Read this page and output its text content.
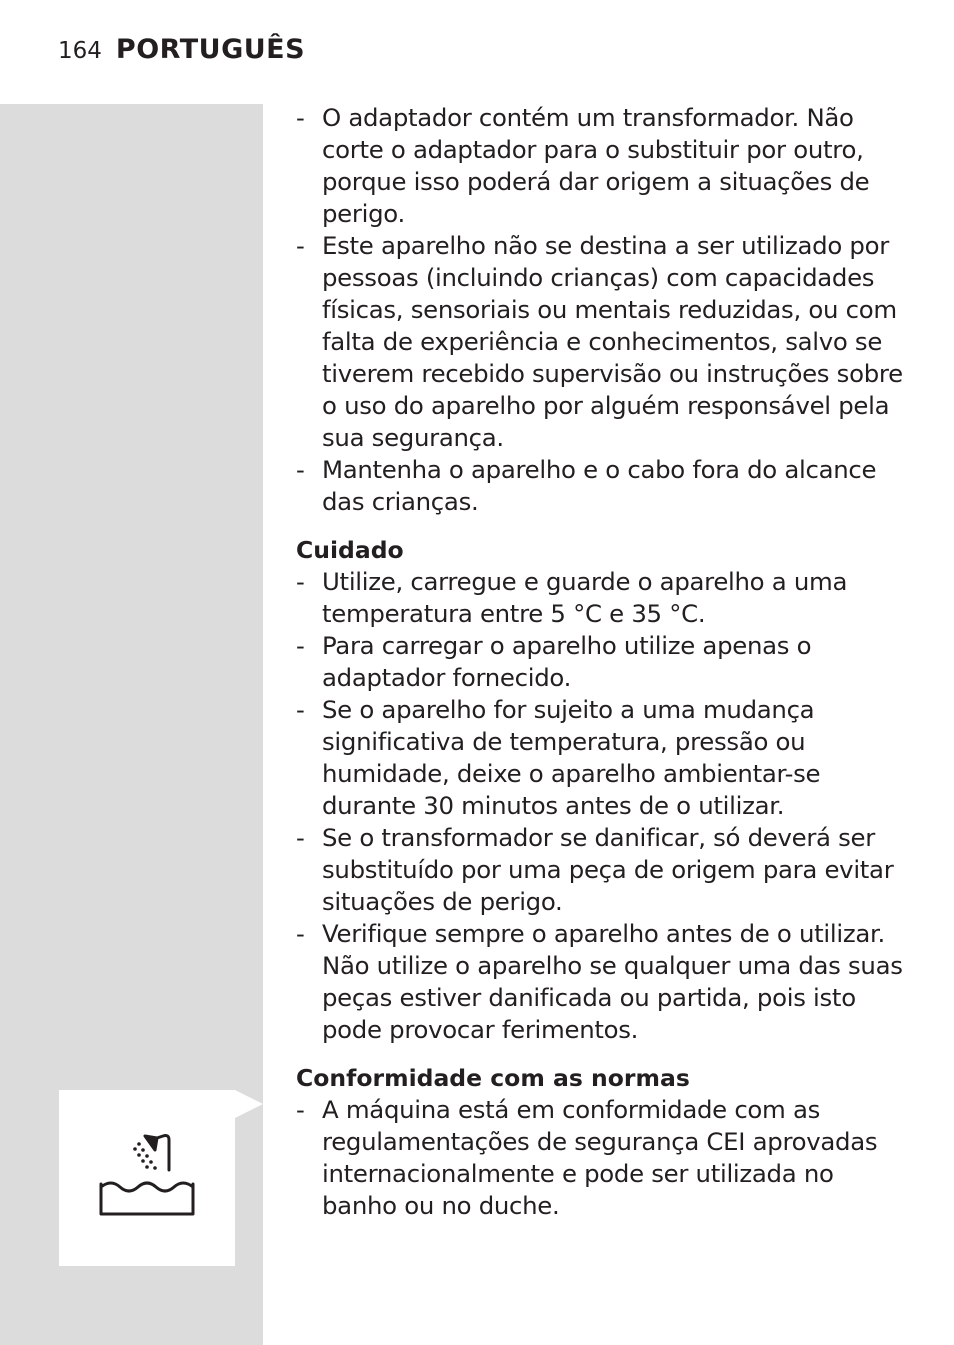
164 PORTUGUÊS
- O adaptador contém um transformador. Não corte o adaptador para o substituir por outro, porque isso poderá dar origem a situações de perigo.
- Este aparelho não se destina a ser utilizado por pessoas (incluindo crianças) com capacidades físicas, sensoriais ou mentais reduzidas, ou com falta de experiência e conhecimentos, salvo se tiverem recebido supervisão ou instruções sobre o uso do aparelho por alguém responsável pela sua segurança.
- Mantenha o aparelho e o cabo fora do alcance das crianças.
Cuidado
- Utilize, carregue e guarde o aparelho a uma temperatura entre 5 °C e 35 °C.
- Para carregar o aparelho utilize apenas o adaptador fornecido.
- Se o aparelho for sujeito a uma mudança significativa de temperatura, pressão ou humidade, deixe o aparelho ambientar-se durante 30 minutos antes de o utilizar.
- Se o transformador se danificar, só deverá ser substituído por uma peça de origem para evitar situações de perigo.
- Verifique sempre o aparelho antes de o utilizar. Não utilize o aparelho se qualquer uma das suas peças estiver danificada ou partida, pois isto pode provocar ferimentos.
Conformidade com as normas
- A máquina está em conformidade com as regulamentações de segurança CEI aprovadas internacionalmente e pode ser utilizada no banho ou no duche.
